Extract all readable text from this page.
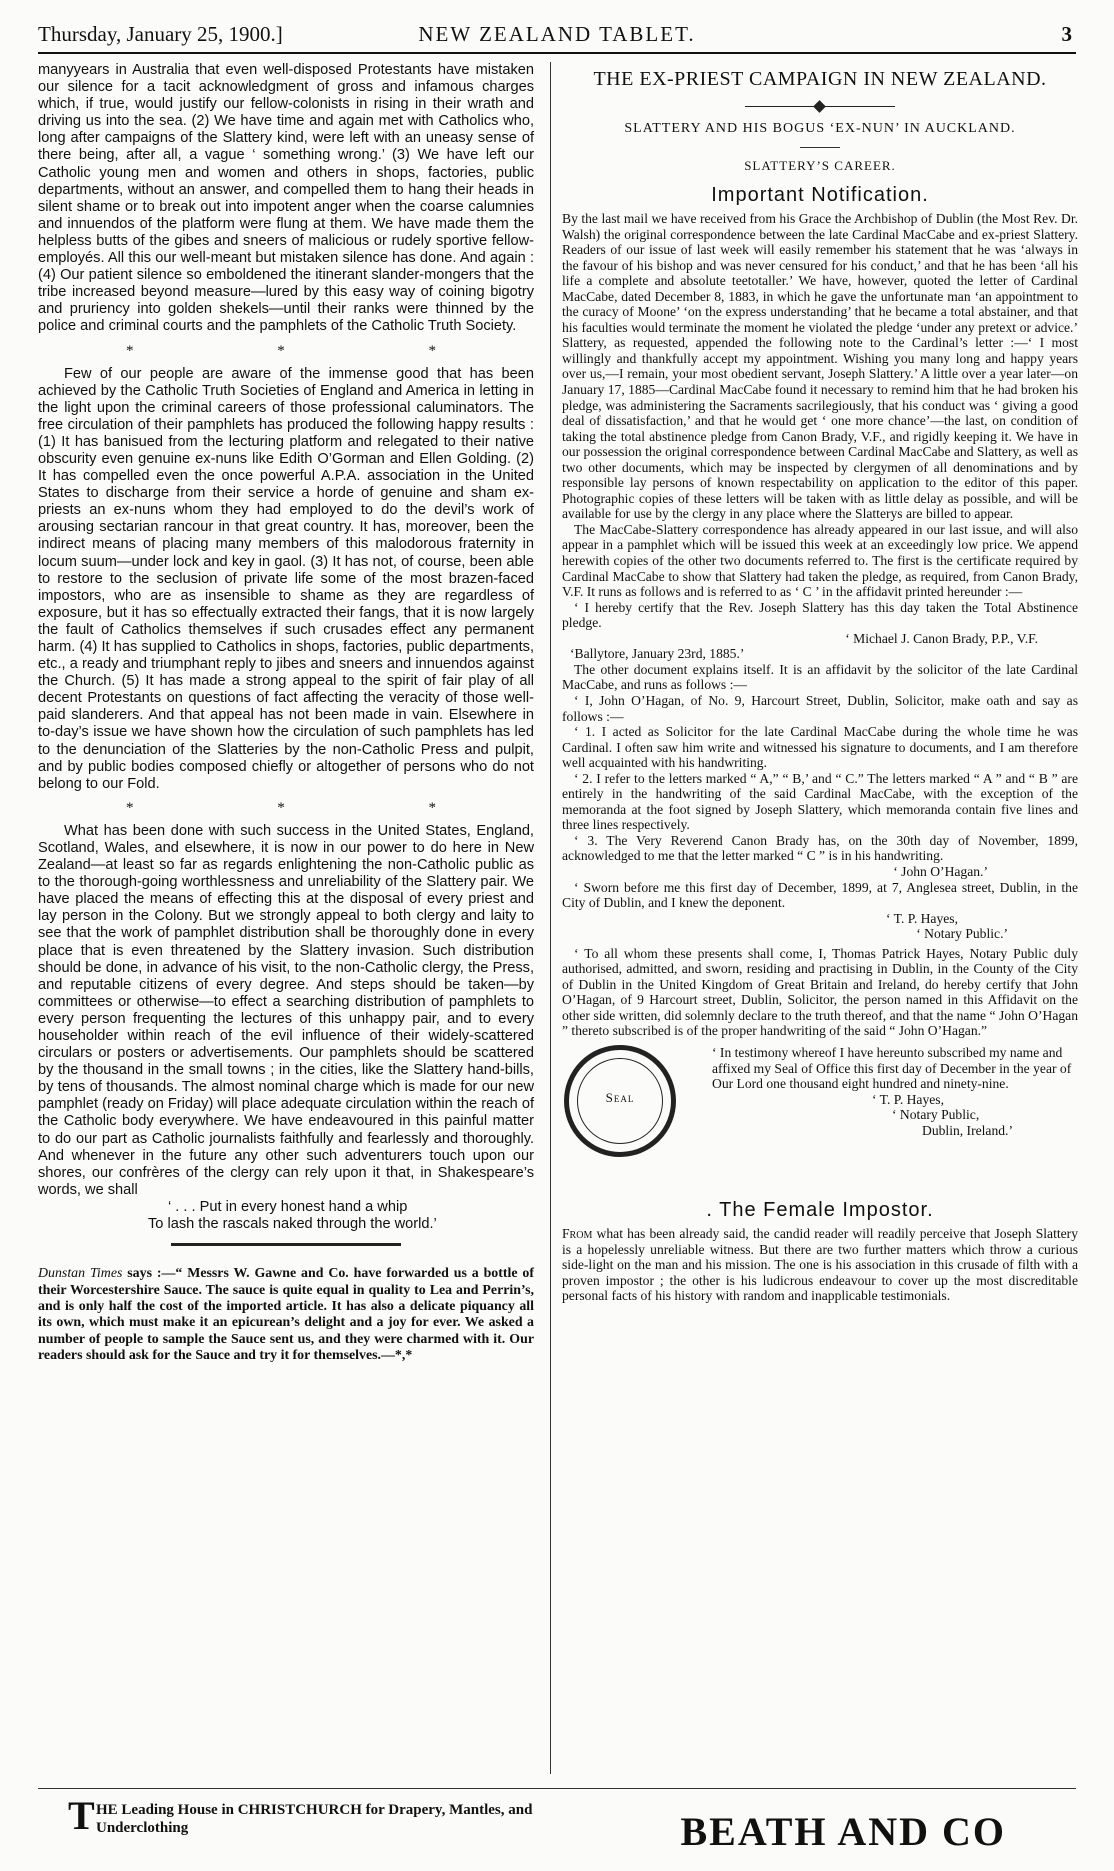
Thursday, January 25, 1900.]	NEW ZEALAND TABLET.	3

manyyears in Australia that even well-disposed Protestants have mistaken our silence for a tacit acknowledgment of gross and infamous charges which, if true, would justify our fellow-colonists in rising in their wrath and driving us into the sea. (2) We have time and again met with Catholics who, long after campaigns of the Slattery kind, were left with an uneasy sense of there being, after all, a vague ‘ something wrong.’ (3) We have left our Catholic young men and women and others in shops, factories, public departments, without an answer, and compelled them to hang their heads in silent shame or to break out into impotent anger when the coarse calumnies and innuendos of the platform were flung at them. We have made them the helpless butts of the gibes and sneers of malicious or rudely sportive fellow-employés. All this our well-meant but mistaken silence has done. And again : (4) Our patient silence so emboldened the itinerant slander-mongers that the tribe increased beyond measure—lured by this easy way of coining bigotry and pruriency into golden shekels—until their ranks were thinned by the police and criminal courts and the pamphlets of the Catholic Truth Society.

* * *

Few of our people are aware of the immense good that has been achieved by the Catholic Truth Societies of England and America in letting in the light upon the criminal careers of those professional caluminators. The free circulation of their pamphlets has produced the following happy results : (1) It has banisued from the lecturing platform and relegated to their native obscurity even genuine ex-nuns like Edith O’Gorman and Ellen Golding. (2) It has compelled even the once powerful A.P.A. association in the United States to discharge from their service a horde of genuine and sham ex-priests an ex-nuns whom they had employed to do the devil’s work of arousing sectarian rancour in that great country. It has, moreover, been the indirect means of placing many members of this malodorous fraternity in locum suum—under lock and key in gaol. (3) It has not, of course, been able to restore to the seclusion of private life some of the most brazen-faced impostors, who are as insensible to shame as they are regardless of exposure, but it has so effectually extracted their fangs, that it is now largely the fault of Catholics themselves if such crusades effect any permanent harm. (4) It has supplied to Catholics in shops, factories, public departments, etc., a ready and triumphant reply to jibes and sneers and innuendos against the Church. (5) It has made a strong appeal to the spirit of fair play of all decent Protestants on questions of fact affecting the veracity of those well-paid slanderers. And that appeal has not been made in vain. Elsewhere in to-day’s issue we have shown how the circulation of such pamphlets has led to the denunciation of the Slatteries by the non-Catholic Press and pulpit, and by public bodies composed chiefly or altogether of persons who do not belong to our Fold.

* * *

What has been done with such success in the United States, England, Scotland, Wales, and elsewhere, it is now in our power to do here in New Zealand—at least so far as regards enlightening the non-Catholic public as to the thorough-going worthlessness and unreliability of the Slattery pair. We have placed the means of effecting this at the disposal of every priest and lay person in the Colony. But we strongly appeal to both clergy and laity to see that the work of pamphlet distribution shall be thoroughly done in every place that is even threatened by the Slattery invasion. Such distribution should be done, in advance of his visit, to the non-Catholic clergy, the Press, and reputable citizens of every degree. And steps should be taken—by committees or otherwise—to effect a searching distribution of pamphlets to every person frequenting the lectures of this unhappy pair, and to every householder within reach of the evil influence of their widely-scattered circulars or posters or advertisements. Our pamphlets should be scattered by the thousand in the small towns ; in the cities, like the Slattery hand-bills, by tens of thousands. The almost nominal charge which is made for our new pamphlet (ready on Friday) will place adequate circulation within the reach of the Catholic body everywhere. We have endeavoured in this painful matter to do our part as Catholic journalists faithfully and fearlessly and thoroughly. And whenever in the future any other such adventurers touch upon our shores, our confrères of the clergy can rely upon it that, in Shakespeare’s words, we shall

‘ . . . Put in every honest hand a whip
To lash the rascals naked through the world.’

Dunstan Times says :—“ Messrs W. Gawne and Co. have forwarded us a bottle of their Worcestershire Sauce. The sauce is quite equal in quality to Lea and Perrin’s, and is only half the cost of the imported article. It has also a delicate piquancy all its own, which must make it an epicurean’s delight and a joy for ever. We asked a number of people to sample the Sauce sent us, and they were charmed with it. Our readers should ask for the Sauce and try it for themselves.—*,*

THE EX-PRIEST CAMPAIGN IN NEW ZEALAND.
SLATTERY AND HIS BOGUS ‘EX-NUN’ IN AUCKLAND.
SLATTERY’S CAREER.
Important Notification.

By the last mail we have received from his Grace the Archbishop of Dublin (the Most Rev. Dr. Walsh) the original correspondence between the late Cardinal MacCabe and ex-priest Slattery. Readers of our issue of last week will easily remember his statement that he was ‘always in the favour of his bishop and was never censured for his conduct,’ and that he has been ‘all his life a complete and absolute teetotaller.’ We have, however, quoted the letter of Cardinal MacCabe, dated December 8, 1883, in which he gave the unfortunate man ‘an appointment to the curacy of Moone’ ‘on the express understanding’ that he became a total abstainer, and that his faculties would terminate the moment he violated the pledge ‘under any pretext or advice.’ Slattery, as requested, appended the following note to the Cardinal’s letter :—‘ I most willingly and thankfully accept my appointment. Wishing you many long and happy years over us,—I remain, your most obedient servant, Joseph Slattery.’ A little over a year later—on January 17, 1885—Cardinal MacCabe found it necessary to remind him that he had broken his pledge, was administering the Sacraments sacrilegiously, that his conduct was ‘ giving a good deal of dissatisfaction,’ and that he would get ‘ one more chance’—the last, on condition of taking the total abstinence pledge from Canon Brady, V.F., and rigidly keeping it. We have in our possession the original correspondence between Cardinal MacCabe and Slattery, as well as two other documents, which may be inspected by clergymen of all denominations and by responsible lay persons of known respectability on application to the editor of this paper. Photographic copies of these letters will be taken with as little delay as possible, and will be available for use by the clergy in any place where the Slatterys are billed to appear.

The MacCabe-Slattery correspondence has already appeared in our last issue, and will also appear in a pamphlet which will be issued this week at an exceedingly low price. We append herewith copies of the other two documents referred to. The first is the certificate required by Cardinal MacCabe to show that Slattery had taken the pledge, as required, from Canon Brady, V.F. It runs as follows and is referred to as ‘ C ’ in the affidavit printed hereunder :—

‘ I hereby certify that the Rev. Joseph Slattery has this day taken the Total Abstinence pledge.

‘ Michael J. Canon Brady, P.P., V.F.

‘Ballytore, January 23rd, 1885.’

The other document explains itself. It is an affidavit by the solicitor of the late Cardinal MacCabe, and runs as follows :—

‘ I, John O’Hagan, of No. 9, Harcourt Street, Dublin, Solicitor, make oath and say as follows :—

‘ 1. I acted as Solicitor for the late Cardinal MacCabe during the whole time he was Cardinal. I often saw him write and witnessed his signature to documents, and I am therefore well acquainted with his handwriting.

‘ 2. I refer to the letters marked “ A,” “ B,’ and “ C.” The letters marked “ A ” and “ B ” are entirely in the handwriting of the said Cardinal MacCabe, with the exception of the memoranda at the foot signed by Joseph Slattery, which memoranda contain five lines and three lines respectively.

‘ 3. The Very Reverend Canon Brady has, on the 30th day of November, 1899, acknowledged to me that the letter marked “ C ” is in his handwriting.

‘ John O’Hagan.’

‘ Sworn before me this first day of December, 1899, at 7, Anglesea street, Dublin, in the City of Dublin, and I knew the deponent.

‘ T. P. Hayes,

‘ Notary Public.’

‘ To all whom these presents shall come, I, Thomas Patrick Hayes, Notary Public duly authorised, admitted, and sworn, residing and practising in Dublin, in the County of the City of Dublin in the United Kingdom of Great Britain and Ireland, do hereby certify that John O’Hagan, of 9 Harcourt street, Dublin, Solicitor, the person named in this Affidavit on the other side written, did solemnly declare to the truth thereof, and that the name “ John O’Hagan ” thereto subscribed is of the proper handwriting of the said “ John O’Hagan.”

Seal

‘ In testimony whereof I have hereunto subscribed my name and affixed my Seal of Office this first day of December in the year of Our Lord one thousand eight hundred and ninety-nine.

‘ T. P. Hayes,

‘ Notary Public,

Dublin, Ireland.’

. The Female Impostor.

From what has been already said, the candid reader will readily perceive that Joseph Slattery is a hopelessly unreliable witness. But there are two further matters which throw a curious side-light on the man and his mission. The one is his association in this crusade of filth with a proven impostor ; the other is his ludicrous endeavour to cover up the most discreditable personal facts of his history with random and inapplicable testimonials.

T HE Leading House in CHRISTCHURCH for Drapery, Mantles, and
Underclothing	BEATH AND CO
